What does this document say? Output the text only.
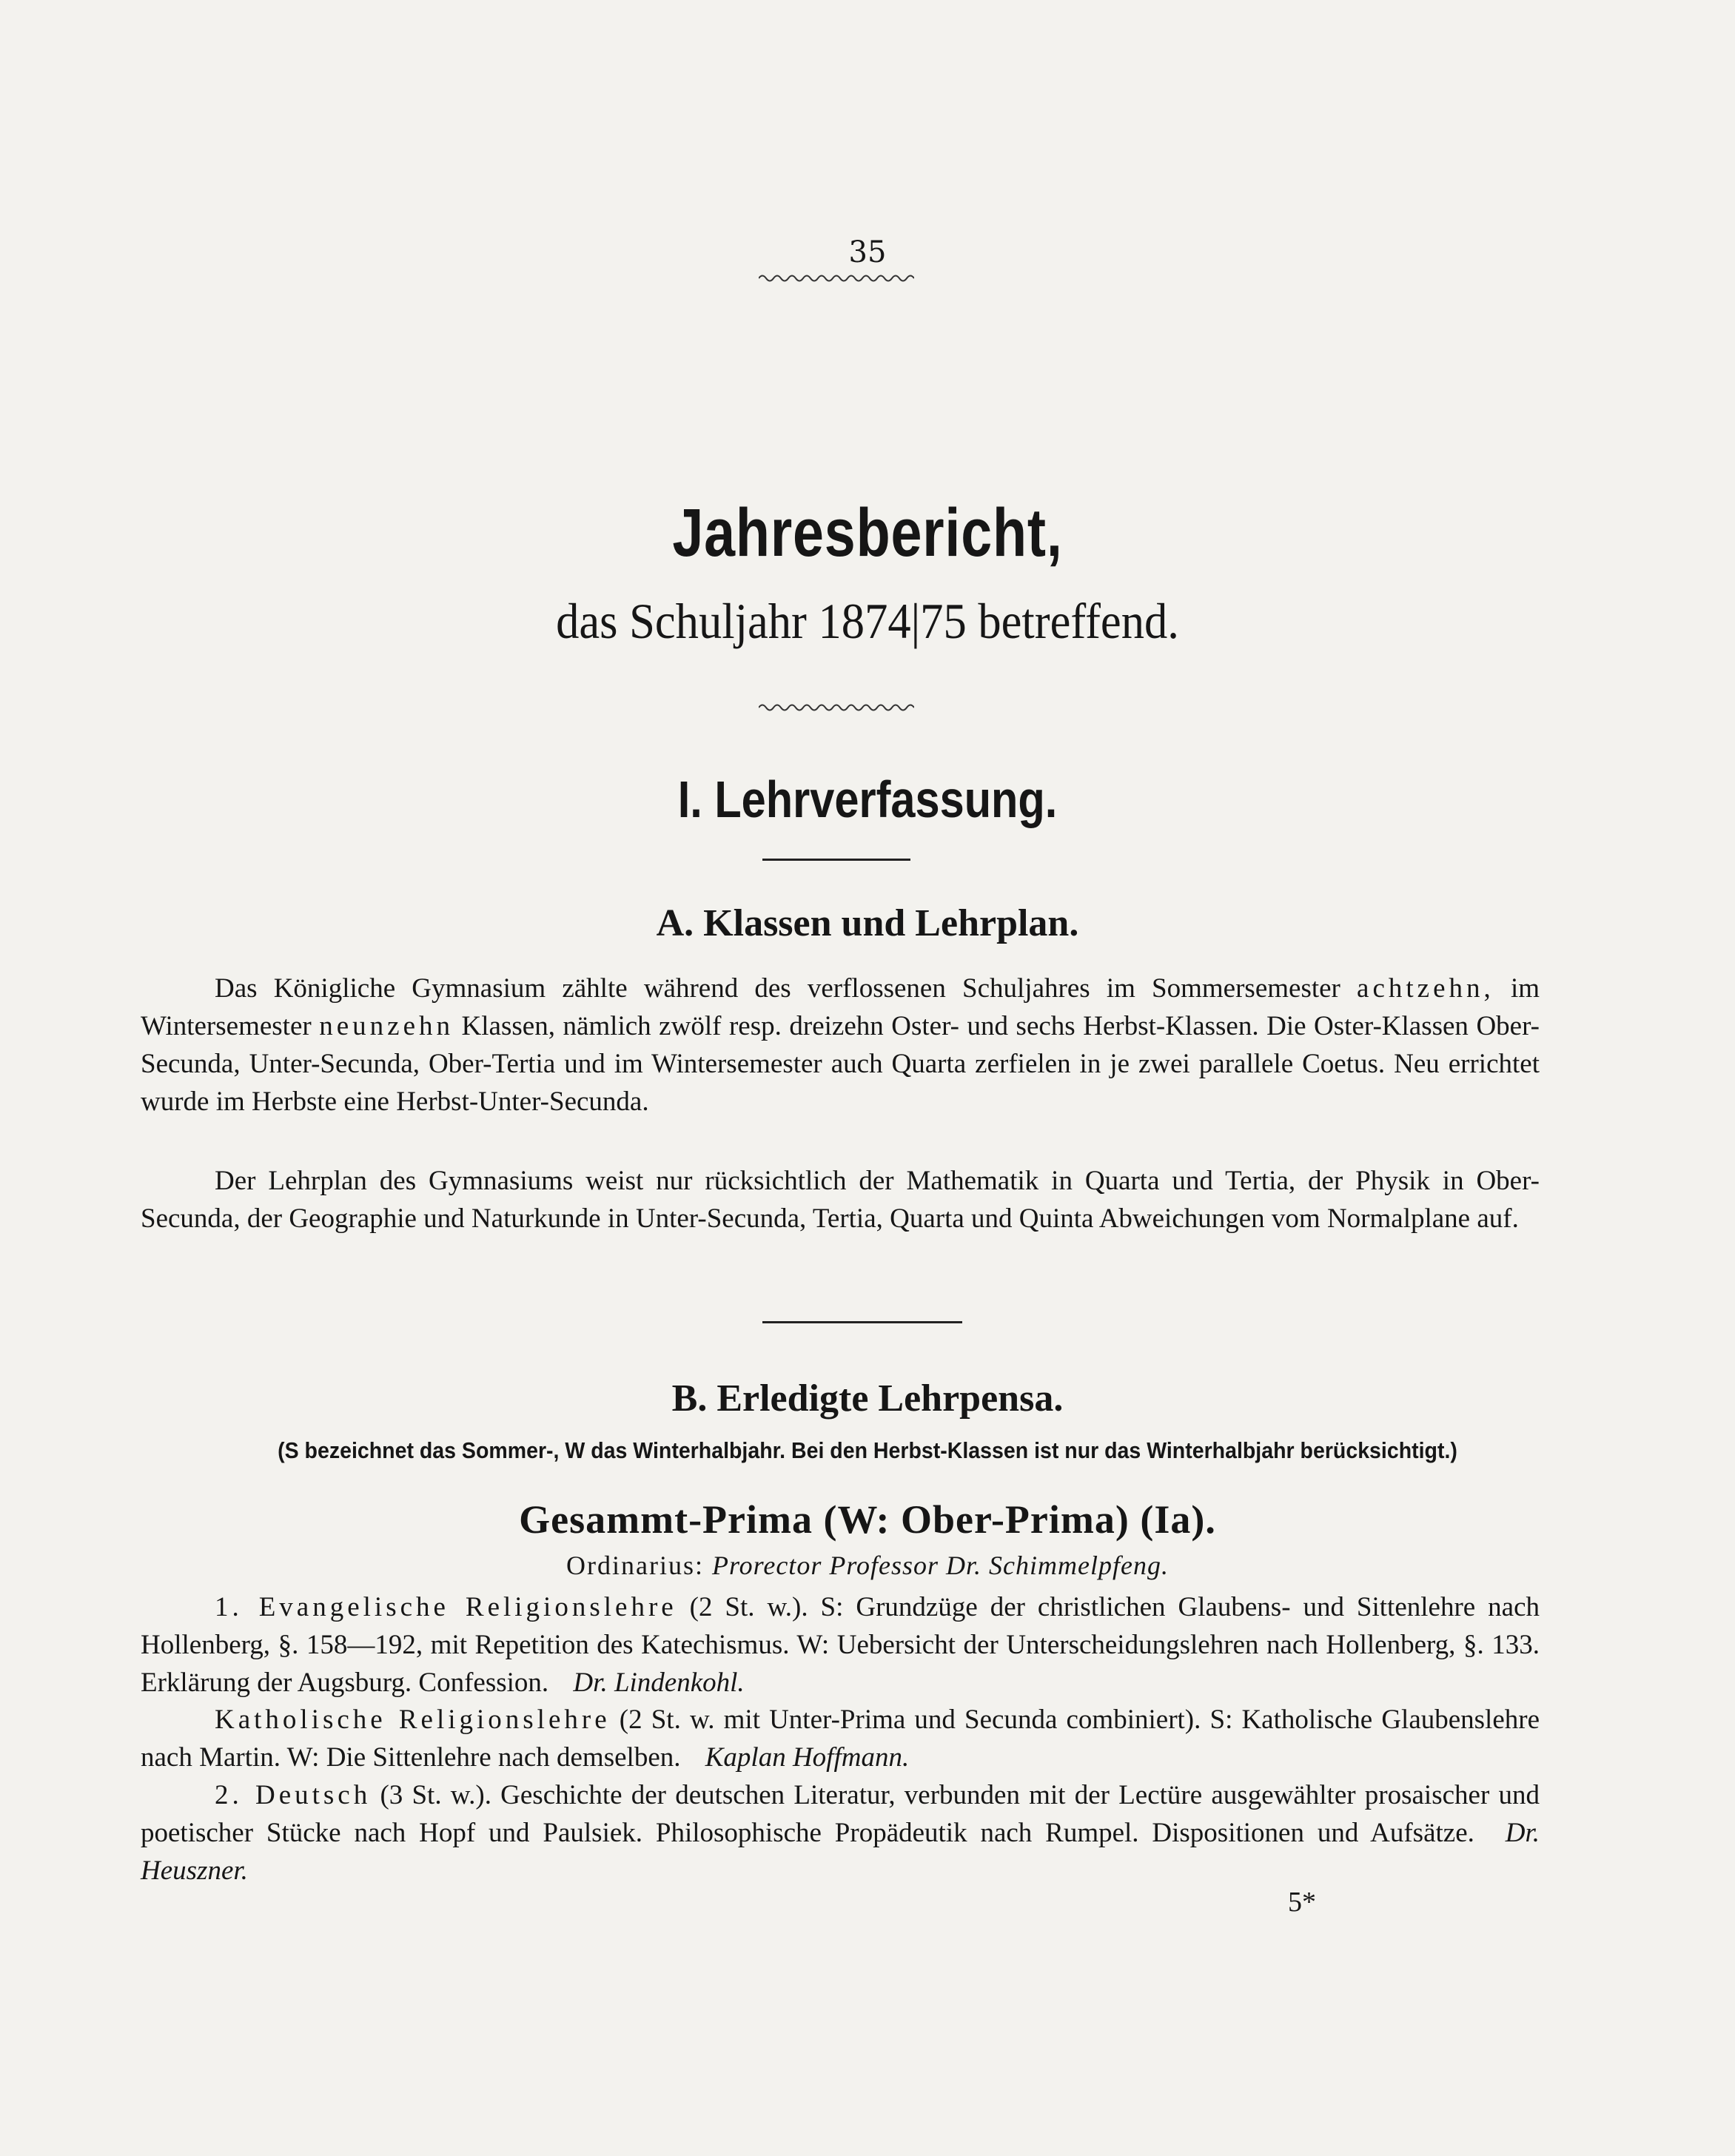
35
Jahresbericht,
das Schuljahr 1874|75 betreffend.
I. Lehrverfassung.
A. Klassen und Lehrplan.
Das Königliche Gymnasium zählte während des verflossenen Schuljahres im Sommersemester achtzehn, im Wintersemester neunzehn Klassen, nämlich zwölf resp. dreizehn Oster- und sechs Herbst-Klassen. Die Oster-Klassen Ober-Secunda, Unter-Secunda, Ober-Tertia und im Wintersemester auch Quarta zerfielen in je zwei parallele Coetus. Neu errichtet wurde im Herbste eine Herbst-Unter-Secunda.
Der Lehrplan des Gymnasiums weist nur rücksichtlich der Mathematik in Quarta und Tertia, der Physik in Ober-Secunda, der Geographie und Naturkunde in Unter-Secunda, Tertia, Quarta und Quinta Abweichungen vom Normalplane auf.
B. Erledigte Lehrpensa.
(S bezeichnet das Sommer-, W das Winterhalbjahr. Bei den Herbst-Klassen ist nur das Winterhalbjahr berücksichtigt.)
Gesammt-Prima (W: Ober-Prima) (Ia).
Ordinarius: Prorector Professor Dr. Schimmelpfeng.
1. Evangelische Religionslehre (2 St. w.). S: Grundzüge der christlichen Glaubens- und Sittenlehre nach Hollenberg, §. 158—192, mit Repetition des Katechismus. W: Uebersicht der Unterscheidungslehren nach Hollenberg, §. 133. Erklärung der Augsburg. Confession. Dr. Lindenkohl.
Katholische Religionslehre (2 St. w. mit Unter-Prima und Secunda combiniert). S: Katholische Glaubenslehre nach Martin. W: Die Sittenlehre nach demselben. Kaplan Hoffmann.
2. Deutsch (3 St. w.). Geschichte der deutschen Literatur, verbunden mit der Lectüre ausgewählter prosaischer und poetischer Stücke nach Hopf und Paulsiek. Philosophische Propädeutik nach Rumpel. Dispositionen und Aufsätze. Dr. Heuszner.
5*
